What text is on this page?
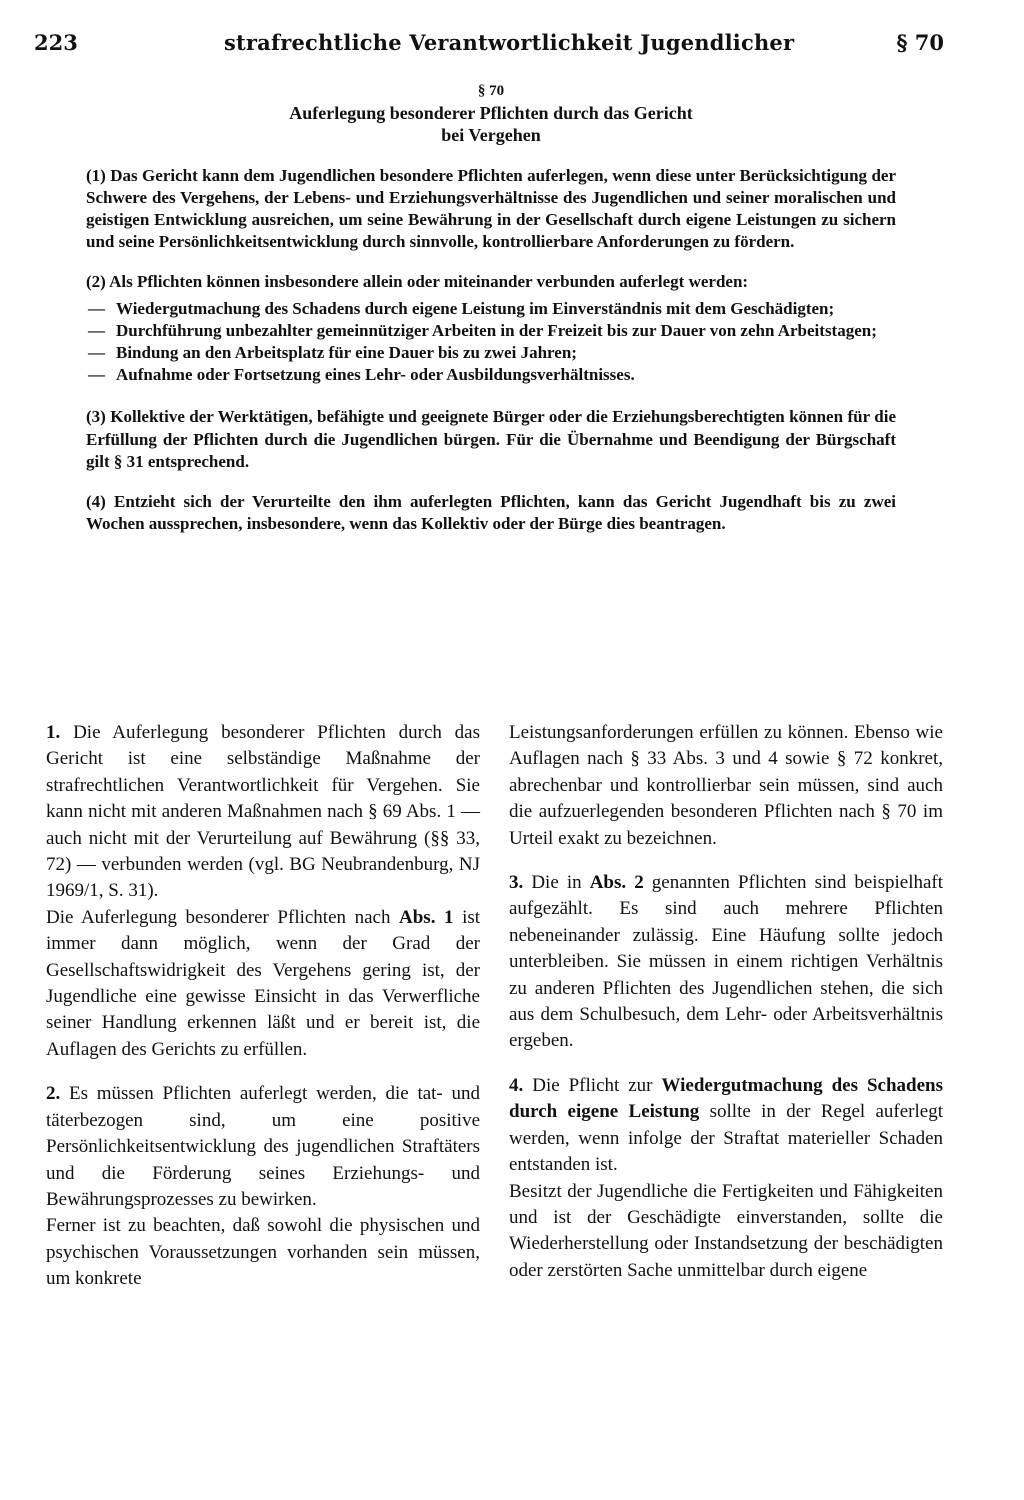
223	strafrechtliche Verantwortlichkeit Jugendlicher	§ 70
§ 70
Auferlegung besonderer Pflichten durch das Gericht
bei Vergehen

(1) Das Gericht kann dem Jugendlichen besondere Pflichten auferlegen, wenn diese unter Berücksichtigung der Schwere des Vergehens, der Lebens- und Erziehungsverhältnisse des Jugendlichen und seiner moralischen und geistigen Entwicklung ausreichen, um seine Bewährung in der Gesellschaft durch eigene Leistungen zu sichern und seine Persönlichkeitsentwicklung durch sinnvolle, kontrollierbare Anforderungen zu fördern.

(2) Als Pflichten können insbesondere allein oder miteinander verbunden auferlegt werden:

— Wiedergutmachung des Schadens durch eigene Leistung im Einverständnis mit dem Geschädigten;
— Durchführung unbezahlter gemeinnütziger Arbeiten in der Freizeit bis zur Dauer von zehn Arbeitstagen;
— Bindung an den Arbeitsplatz für eine Dauer bis zu zwei Jahren;
— Aufnahme oder Fortsetzung eines Lehr- oder Ausbildungsverhältnisses.

(3) Kollektive der Werktätigen, befähigte und geeignete Bürger oder die Erziehungsberechtigten können für die Erfüllung der Pflichten durch die Jugendlichen bürgen. Für die Übernahme und Beendigung der Bürgschaft gilt § 31 entsprechend.

(4) Entzieht sich der Verurteilte den ihm auferlegten Pflichten, kann das Gericht Jugendhaft bis zu zwei Wochen aussprechen, insbesondere, wenn das Kollektiv oder der Bürge dies beantragen.

1. Die Auferlegung besonderer Pflichten durch das Gericht ist eine selbständige Maßnahme der strafrechtlichen Verantwortlichkeit für Vergehen. Sie kann nicht mit anderen Maßnahmen nach § 69 Abs. 1 — auch nicht mit der Verurteilung auf Bewährung (§§ 33, 72) — verbunden werden (vgl. BG Neubrandenburg, NJ 1969/1, S. 31).

Die Auferlegung besonderer Pflichten nach Abs. 1 ist immer dann möglich, wenn der Grad der Gesellschaftswidrigkeit des Vergehens gering ist, der Jugendliche eine gewisse Einsicht in das Verwerfliche seiner Handlung erkennen läßt und er bereit ist, die Auflagen des Gerichts zu erfüllen.

2. Es müssen Pflichten auferlegt werden, die tat- und täterbezogen sind, um eine positive Persönlichkeitsentwicklung des jugendlichen Straftäters und die Förderung seines Erziehungs- und Bewährungsprozesses zu bewirken.

Ferner ist zu beachten, daß sowohl die physischen und psychischen Voraussetzungen vorhanden sein müssen, um konkrete

Leistungsanforderungen erfüllen zu können. Ebenso wie Auflagen nach § 33 Abs. 3 und 4 sowie § 72 konkret, abrechenbar und kontrollierbar sein müssen, sind auch die aufzuerlegenden besonderen Pflichten nach § 70 im Urteil exakt zu bezeichnen.

3. Die in Abs. 2 genannten Pflichten sind beispielhaft aufgezählt. Es sind auch mehrere Pflichten nebeneinander zulässig. Eine Häufung sollte jedoch unterbleiben. Sie müssen in einem richtigen Verhältnis zu anderen Pflichten des Jugendlichen stehen, die sich aus dem Schulbesuch, dem Lehr- oder Arbeitsverhältnis ergeben.

4. Die Pflicht zur Wiedergutmachung des Schadens durch eigene Leistung sollte in der Regel auferlegt werden, wenn infolge der Straftat materieller Schaden entstanden ist.

Besitzt der Jugendliche die Fertigkeiten und Fähigkeiten und ist der Geschädigte einverstanden, sollte die Wiederherstellung oder Instandsetzung der beschädigten oder zerstörten Sache unmittelbar durch eigene
